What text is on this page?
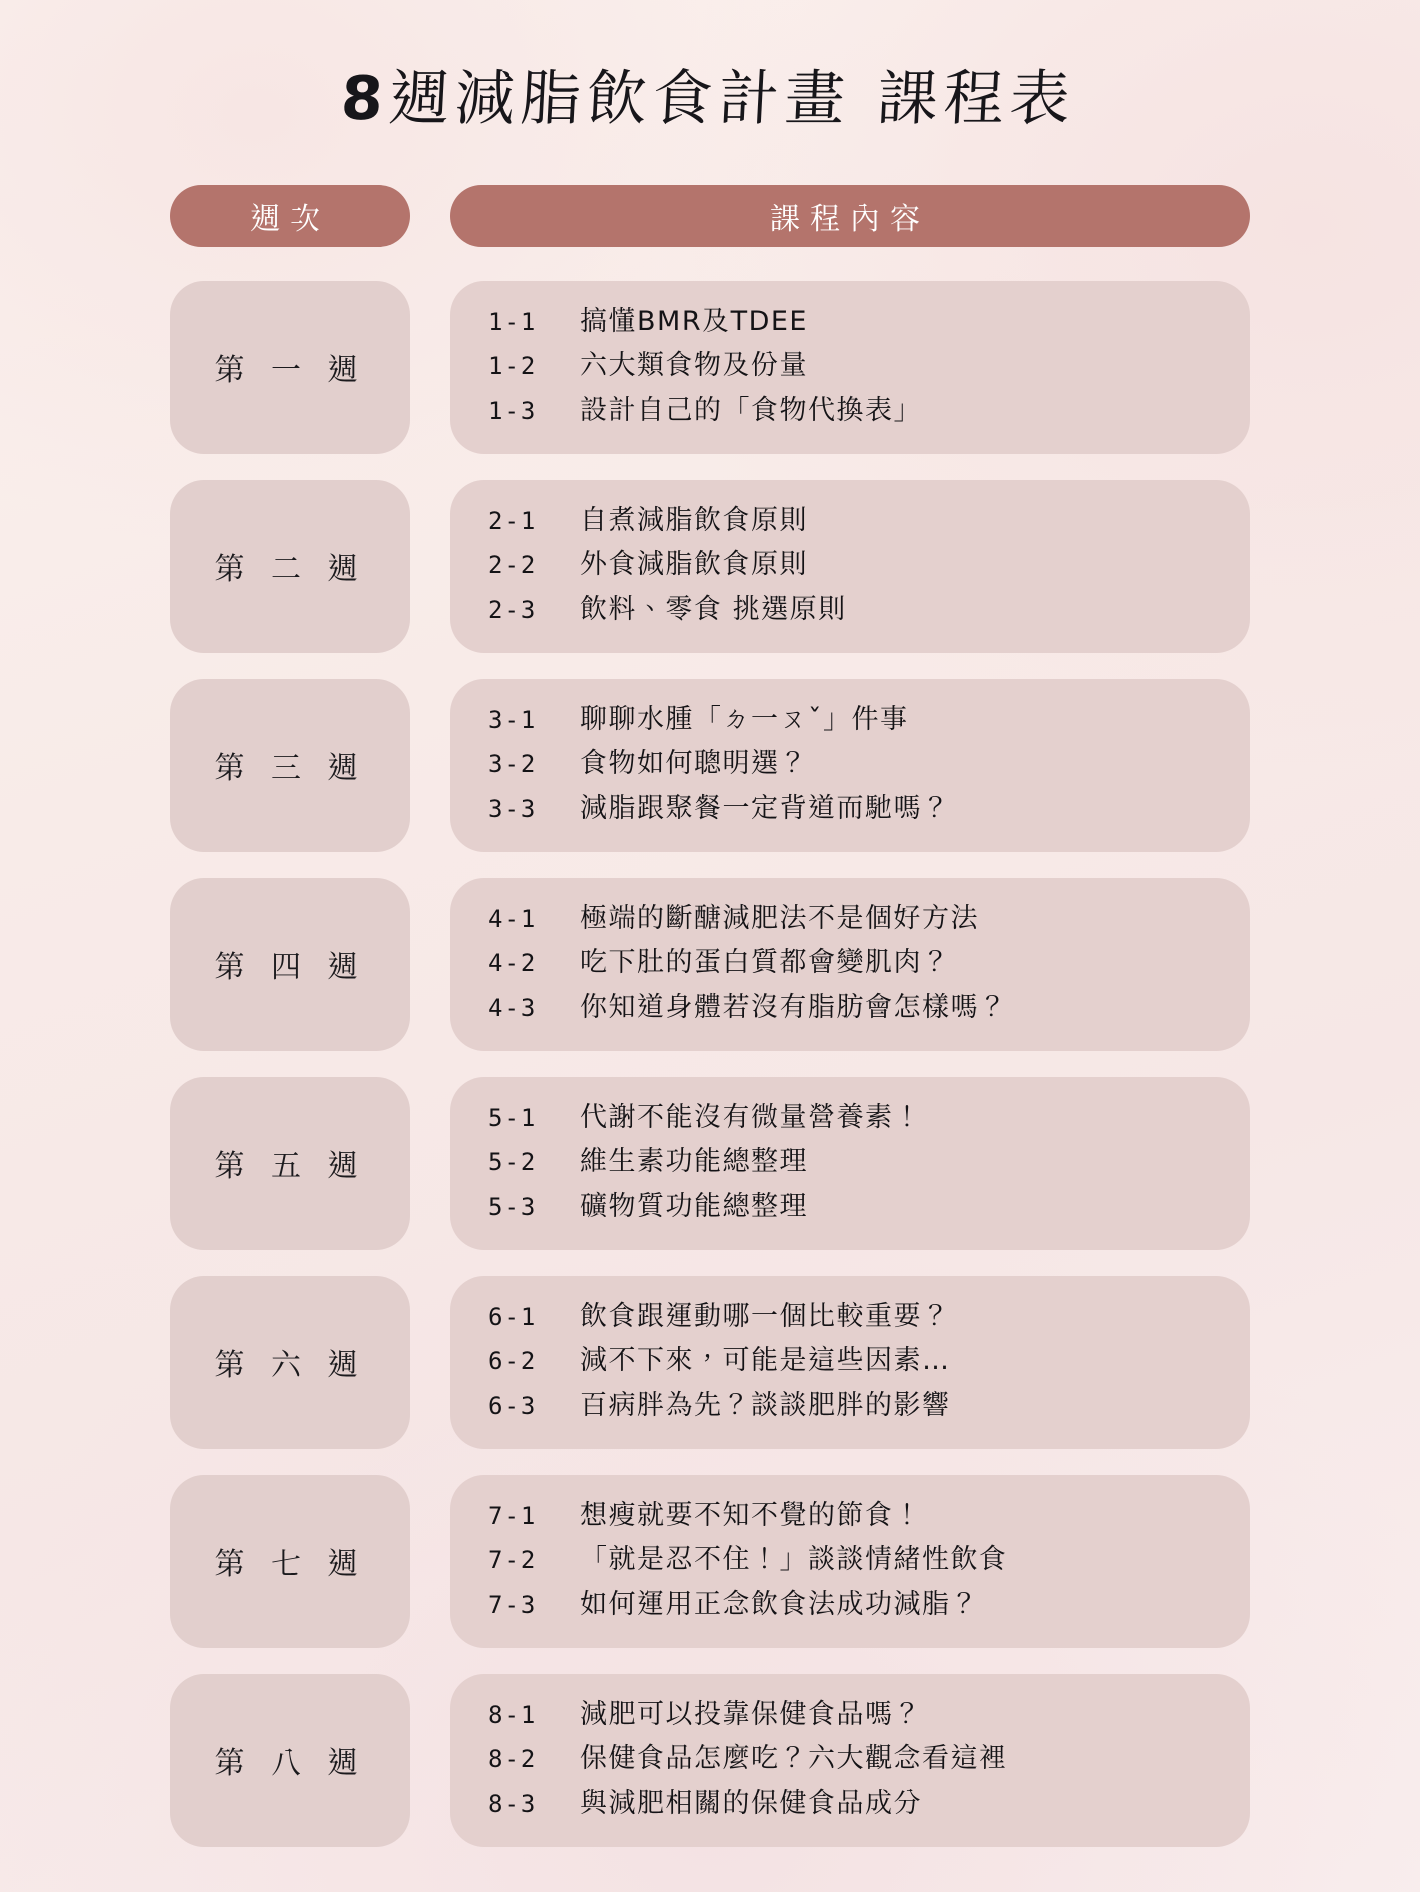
8週減脂飲食計畫 課程表
週次	課程內容
第 一 週
1-1	搞懂BMR及TDEE
1-2	六大類食物及份量
1-3	設計自己的「食物代換表」
第 二 週
2-1	自煮減脂飲食原則
2-2	外食減脂飲食原則
2-3	飲料、零食 挑選原則
第 三 週
3-1	聊聊水腫「ㄉ一ㄡˇ」件事
3-2	食物如何聰明選？
3-3	減脂跟聚餐一定背道而馳嗎？
第 四 週
4-1	極端的斷醣減肥法不是個好方法
4-2	吃下肚的蛋白質都會變肌肉？
4-3	你知道身體若沒有脂肪會怎樣嗎？
第 五 週
5-1	代謝不能沒有微量營養素！
5-2	維生素功能總整理
5-3	礦物質功能總整理
第 六 週
6-1	飲食跟運動哪一個比較重要？
6-2	減不下來，可能是這些因素…
6-3	百病胖為先？談談肥胖的影響
第 七 週
7-1	想瘦就要不知不覺的節食！
7-2	「就是忍不住！」談談情緒性飲食
7-3	如何運用正念飲食法成功減脂？
第 八 週
8-1	減肥可以投靠保健食品嗎？
8-2	保健食品怎麼吃？六大觀念看這裡
8-3	與減肥相關的保健食品成分
